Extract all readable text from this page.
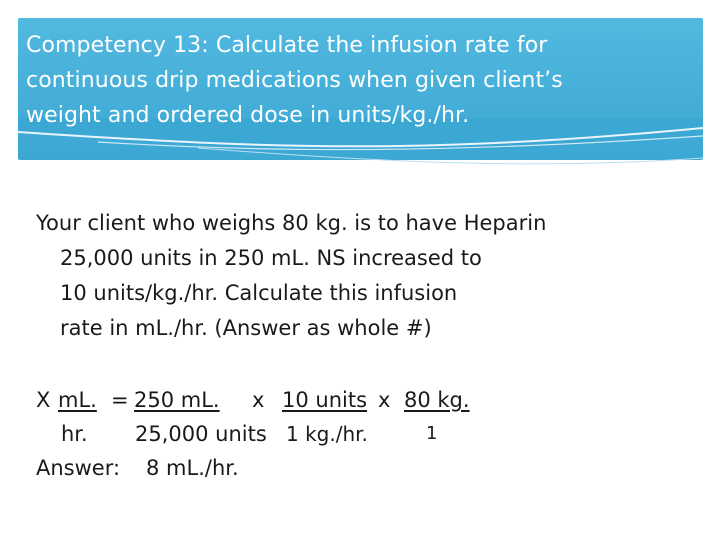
Competency 13: Calculate the infusion rate for
continuous drip medications when given client’s
weight and ordered dose in units/kg./hr.
Your client who weighs 80 kg. is to have Heparin
25,000 units in 250 mL. NS increased to
10 units/kg./hr. Calculate this infusion
rate in mL./hr. (Answer as whole #)
X mL. = 250 mL. x 10 units x 80 kg.
hr. 25,000 units 1 kg./hr.	1
Answer: 8 mL./hr.
